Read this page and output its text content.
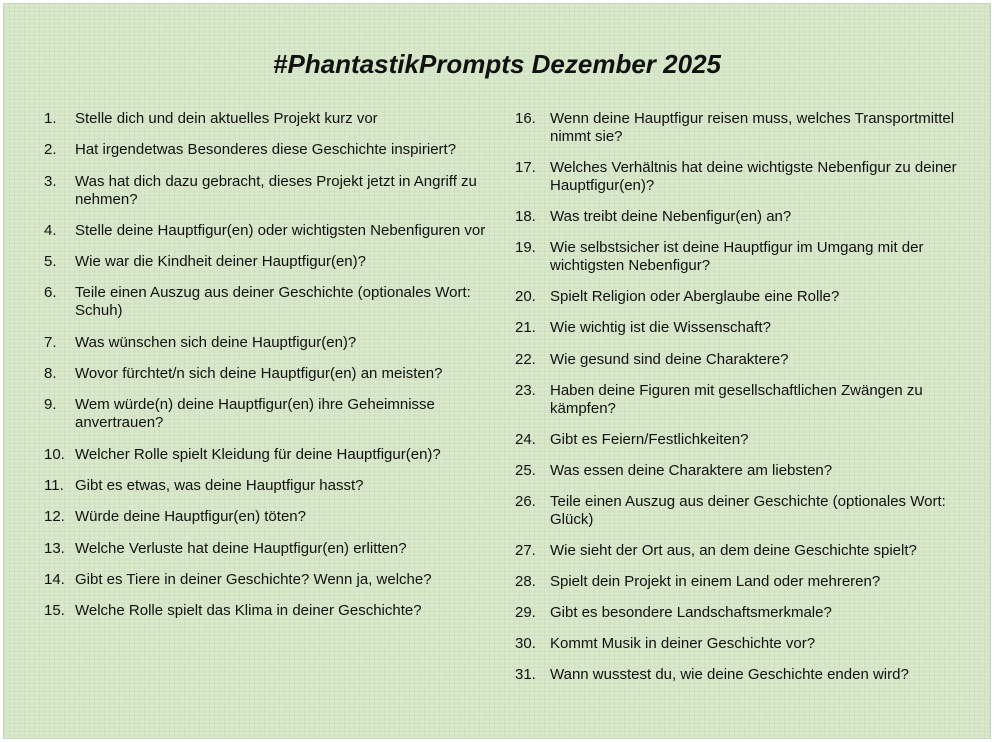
#PhantastikPrompts Dezember 2025
1.	Stelle dich und dein aktuelles Projekt kurz vor
2.	Hat irgendetwas Besonderes diese Geschichte inspiriert?
3.	Was hat dich dazu gebracht, dieses Projekt jetzt in Angriff zu nehmen?
4.	Stelle deine Hauptfigur(en) oder wichtigsten Nebenfiguren vor
5.	Wie war die Kindheit deiner Hauptfigur(en)?
6.	Teile einen Auszug aus deiner Geschichte (optionales Wort: Schuh)
7.	Was wünschen sich deine Hauptfigur(en)?
8.	Wovor fürchtet/n sich deine Hauptfigur(en) an meisten?
9.	Wem würde(n) deine Hauptfigur(en) ihre Geheimnisse anvertrauen?
10. Welcher Rolle spielt Kleidung für deine Hauptfigur(en)?
11. Gibt es etwas, was deine Hauptfigur hasst?
12. Würde deine Hauptfigur(en) töten?
13. Welche Verluste hat deine Hauptfigur(en) erlitten?
14. Gibt es Tiere in deiner Geschichte? Wenn ja, welche?
15. Welche Rolle spielt das Klima in deiner Geschichte?
16. Wenn deine Hauptfigur reisen muss, welches Transportmittel nimmt sie?
17. Welches Verhältnis hat deine wichtigste Nebenfigur zu deiner Hauptfigur(en)?
18. Was treibt deine Nebenfigur(en) an?
19. Wie selbstsicher ist deine Hauptfigur im Umgang mit der wichtigsten Nebenfigur?
20. Spielt Religion oder Aberglaube eine Rolle?
21. Wie wichtig ist die Wissenschaft?
22. Wie gesund sind deine Charaktere?
23. Haben deine Figuren mit gesellschaftlichen Zwängen zu kämpfen?
24. Gibt es Feiern/Festlichkeiten?
25. Was essen deine Charaktere am liebsten?
26. Teile einen Auszug aus deiner Geschichte (optionales Wort: Glück)
27. Wie sieht der Ort aus, an dem deine Geschichte spielt?
28. Spielt dein Projekt in einem Land oder mehreren?
29. Gibt es besondere Landschaftsmerkmale?
30. Kommt Musik in deiner Geschichte vor?
31. Wann wusstest du, wie deine Geschichte enden wird?
